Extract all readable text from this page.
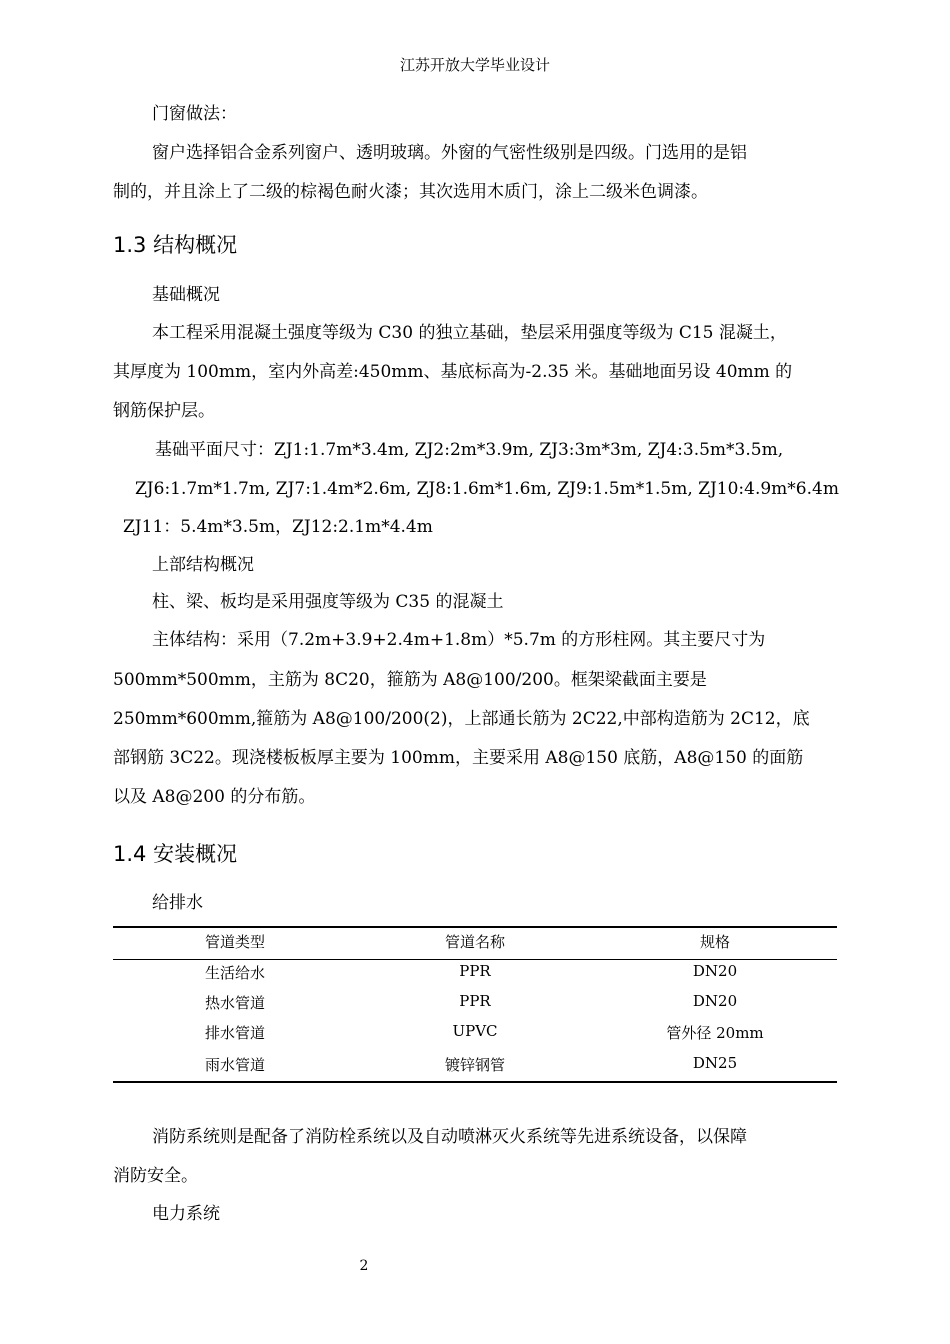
江苏开放大学毕业设计
门窗做法：
窗户选择铝合金系列窗户、透明玻璃。外窗的气密性级别是四级。门选用的是铝
制的，并且涂上了二级的棕褐色耐火漆；其次选用木质门，涂上二级米色调漆。
1.3 结构概况
基础概况
本工程采用混凝土强度等级为 C30 的独立基础，垫层采用强度等级为 C15 混凝土，
其厚度为 100mm，室内外高差:450mm、基底标高为-2.35 米。基础地面另设 40mm 的
钢筋保护层。
基础平面尺寸：ZJ1:1.7m*3.4m, ZJ2:2m*3.9m, ZJ3:3m*3m, ZJ4:3.5m*3.5m,
ZJ6:1.7m*1.7m, ZJ7:1.4m*2.6m, ZJ8:1.6m*1.6m, ZJ9:1.5m*1.5m, ZJ10:4.9m*6.4m
ZJ11：5.4m*3.5m，ZJ12:2.1m*4.4m
上部结构概况
柱、梁、板均是采用强度等级为 C35 的混凝土
主体结构：采用（7.2m+3.9+2.4m+1.8m）*5.7m 的方形柱网。其主要尺寸为
500mm*500mm，主筋为 8C20，箍筋为 A8@100/200。框架梁截面主要是
250mm*600mm,箍筋为 A8@100/200(2)，上部通长筋为 2C22,中部构造筋为 2C12，底
部钢筋 3C22。现浇楼板板厚主要为 100mm，主要采用 A8@150 底筋，A8@150 的面筋
以及 A8@200 的分布筋。
1.4 安装概况
给排水
管道类型	管道名称	规格
生活给水	PPR	DN20
热水管道	PPR	DN20
排水管道	UPVC	管外径 20mm
雨水管道	镀锌钢管	DN25
消防系统则是配备了消防栓系统以及自动喷淋灭火系统等先进系统设备，以保障
消防安全。
电力系统
2
